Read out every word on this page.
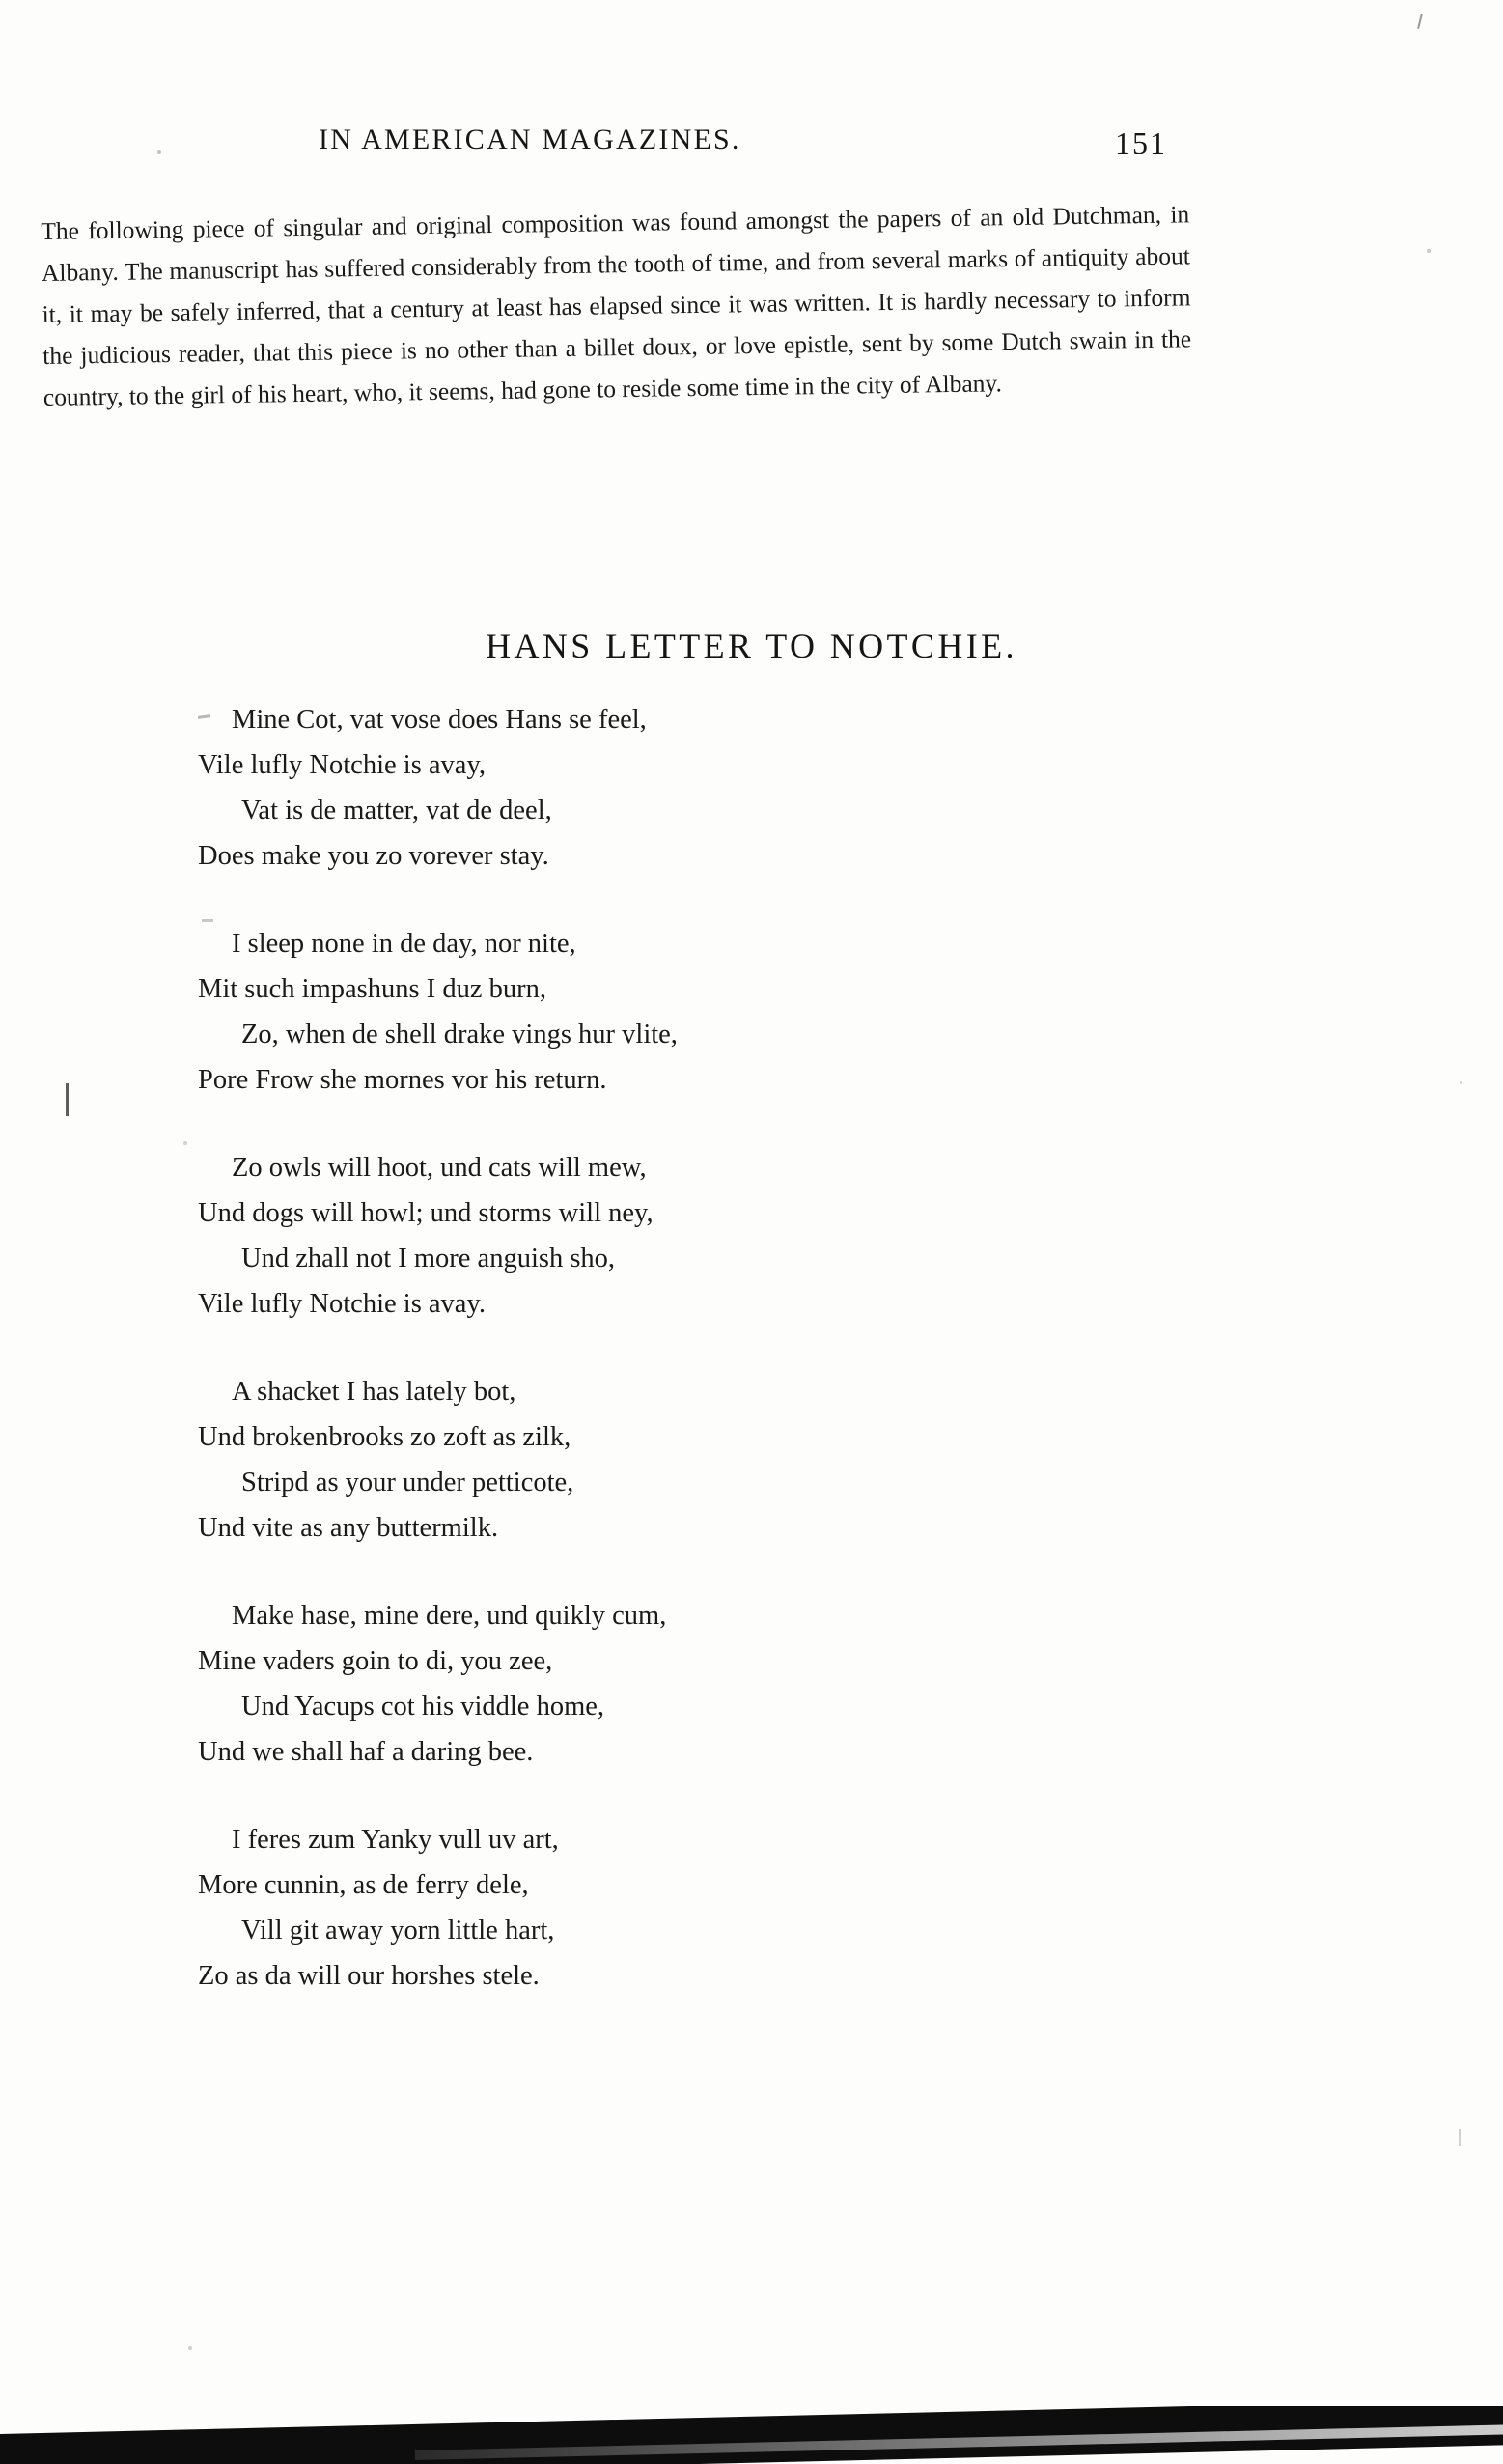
IN AMERICAN MAGAZINES.	151

The following piece of singular and original composition was found amongst the papers of an old Dutchman, in Albany. The manuscript has suffered considerably from the tooth of time, and from several marks of antiquity about it, it may be safely inferred, that a century at least has elapsed since it was written. It is hardly necessary to inform the judicious reader, that this piece is no other than a billet doux, or love epistle, sent by some Dutch swain in the country, to the girl of his heart, who, it seems, had gone to reside some time in the city of Albany.

HANS LETTER TO NOTCHIE.
Mine Cot, vat vose does Hans se feel,
Vile lufly Notchie is avay,
Vat is de matter, vat de deel,
Does make you zo vorever stay.
I sleep none in de day, nor nite,
Mit such impashuns I duz burn,
Zo, when de shell drake vings hur vlite,
Pore Frow she mornes vor his return.
Zo owls will hoot, und cats will mew,
Und dogs will howl; und storms will ney,
Und zhall not I more anguish sho,
Vile lufly Notchie is avay.
A shacket I has lately bot,
Und brokenbrooks zo zoft as zilk,
Stripd as your under petticote,
Und vite as any buttermilk.
Make hase, mine dere, und quikly cum,
Mine vaders goin to di, you zee,
Und Yacups cot his viddle home,
Und we shall haf a daring bee.
I feres zum Yanky vull uv art,
More cunnin, as de ferry dele,
Vill git away yorn little hart,
Zo as da will our horshes stele.
